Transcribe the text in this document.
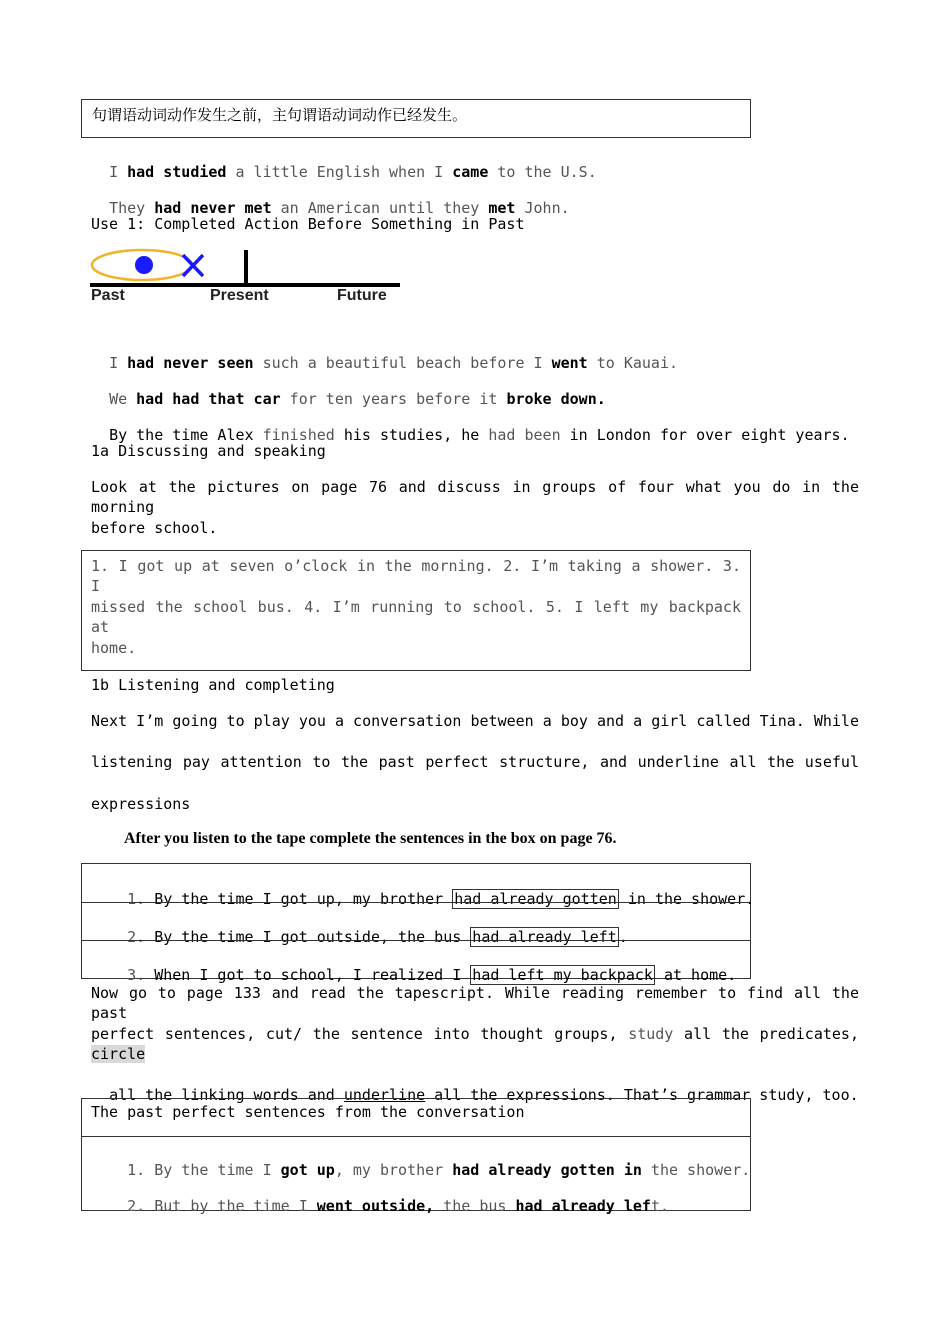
句谓语动词动作发生之前，主句谓语动词动作已经发生。

I had studied a little English when I came to the U.S.

They had never met an American until they met John.

Use 1: Completed Action Before Something in Past
Past	Present	Future

I had never seen such a beautiful beach before I went to Kauai.

We had had that car for ten years before it broke down.

By the time Alex finished his studies, he had been in London for over eight years.

1a Discussing and speaking
Look at the pictures on page 76 and discuss in groups of four what you do in the morning
before school.
1. I got up at seven o’clock in the morning. 2. I’m taking a shower. 3. I
missed the school bus. 4. I’m running to school. 5. I left my backpack at
home.
1b Listening and completing
Next I’m going to play you a conversation between a boy and a girl called Tina. While
listening pay attention to the past perfect structure, and underline all the useful
expressions
After you listen to the tape complete the sentences in the box on page 76.

1. By the time I got up, my brother had already gotten in the shower.

2. By the time I got outside, the bus had already left .

3. When I got to school, I realized I had left my backpack at home.

Now go to page 133 and read the tapescript. While reading remember to find all the past
perfect sentences, cut/ the sentence into thought groups, study all the predicates, circle

all the linking words and underline all the expressions. That’s grammar study, too.

The past perfect sentences from the conversation

1. By the time I got up, my brother had already gotten in the shower.

2. But by the time I went outside, the bus had already left.
